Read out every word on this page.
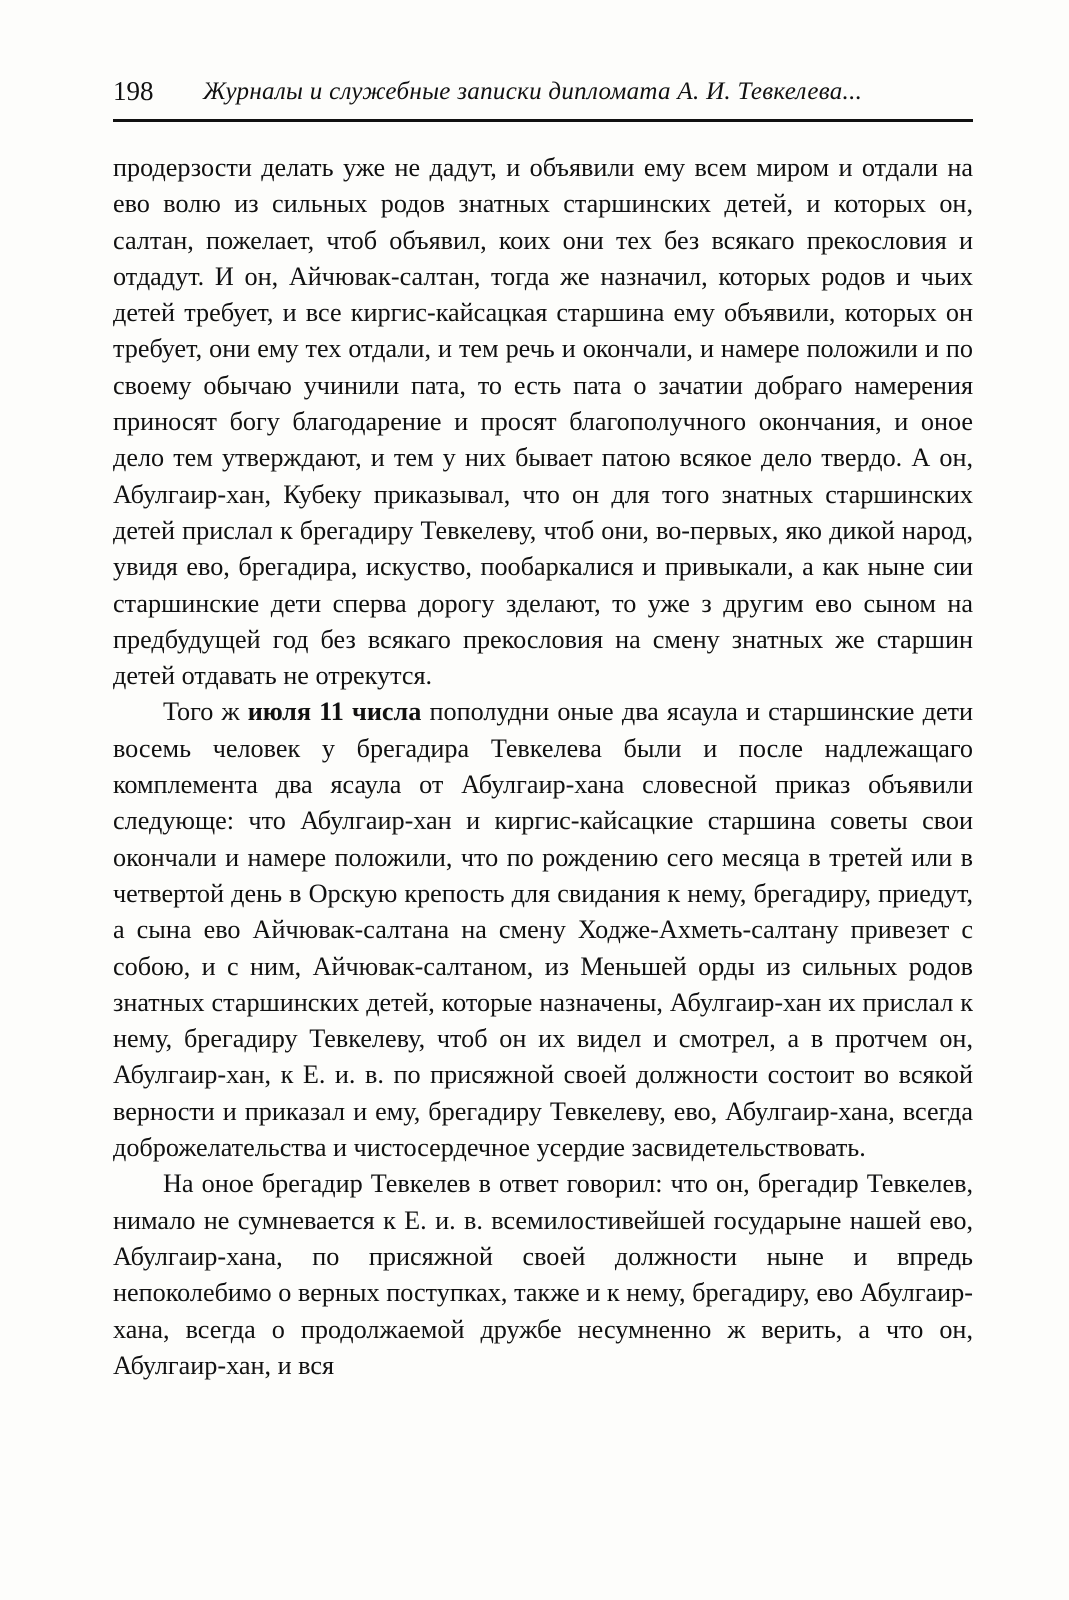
198 Журналы и служебные записки дипломата А. И. Тевкелева...

продерзости делать уже не дадут, и объявили ему всем миром и отдали на ево волю из сильных родов знатных старшинских детей, и которых он, салтан, пожелает, чтоб объявил, коих они тех без всякаго прекословия и отдадут. И он, Айчювак-салтан, тогда же назначил, которых родов и чьих детей требует, и все киргис-кайсацкая старшина ему объявили, которых он требует, они ему тех отдали, и тем речь и окончали, и намере положили и по своему обычаю учинили пата, то есть пата о зачатии добраго намерения приносят богу благодарение и просят благополучного окончания, и оное дело тем утверждают, и тем у них бывает патою всякое дело твердо. А он, Абулгаир-хан, Кубеку приказывал, что он для того знатных старшинских детей прислал к брегадиру Тевкелеву, чтоб они, во-первых, яко дикой народ, увидя ево, брегадира, искуство, пообаркалися и привыкали, а как ныне сии старшинские дети сперва дорогу зделают, то уже з другим ево сыном на предбудущей год без всякаго прекословия на смену знатных же старшин детей отдавать не отрекутся.

Того ж июля 11 числа пополудни оные два ясаула и старшинские дети восемь человек у брегадира Тевкелева были и после надлежащаго комплемента два ясаула от Абулгаир-хана словесной приказ объявили следующе: что Абулгаир-хан и киргис-кайсацкие старшина советы свои окончали и намере положили, что по рождению сего месяца в третей или в четвертой день в Орскую крепость для свидания к нему, брегадиру, приедут, а сына ево Айчювак-салтана на смену Ходже-Ахметь-салтану привезет с собою, и с ним, Айчювак-салтаном, из Меньшей орды из сильных родов знатных старшинских детей, которые назначены, Абулгаир-хан их прислал к нему, брегадиру Тевкелеву, чтоб он их видел и смотрел, а в протчем он, Абулгаир-хан, к Е. и. в. по присяжной своей должности состоит во всякой верности и приказал и ему, брегадиру Тевкелеву, ево, Абулгаир-хана, всегда доброжелательства и чистосердечное усердие засвидетельствовать.

На оное брегадир Тевкелев в ответ говорил: что он, брегадир Тевкелев, нимало не сумневается к Е. и. в. всемилостивейшей государыне нашей ево, Абулгаир-хана, по присяжной своей должности ныне и впредь непоколебимо о верных поступках, также и к нему, брегадиру, ево Абулгаир-хана, всегда о продолжаемой дружбе несумненно ж верить, а что он, Абулгаир-хан, и вся
